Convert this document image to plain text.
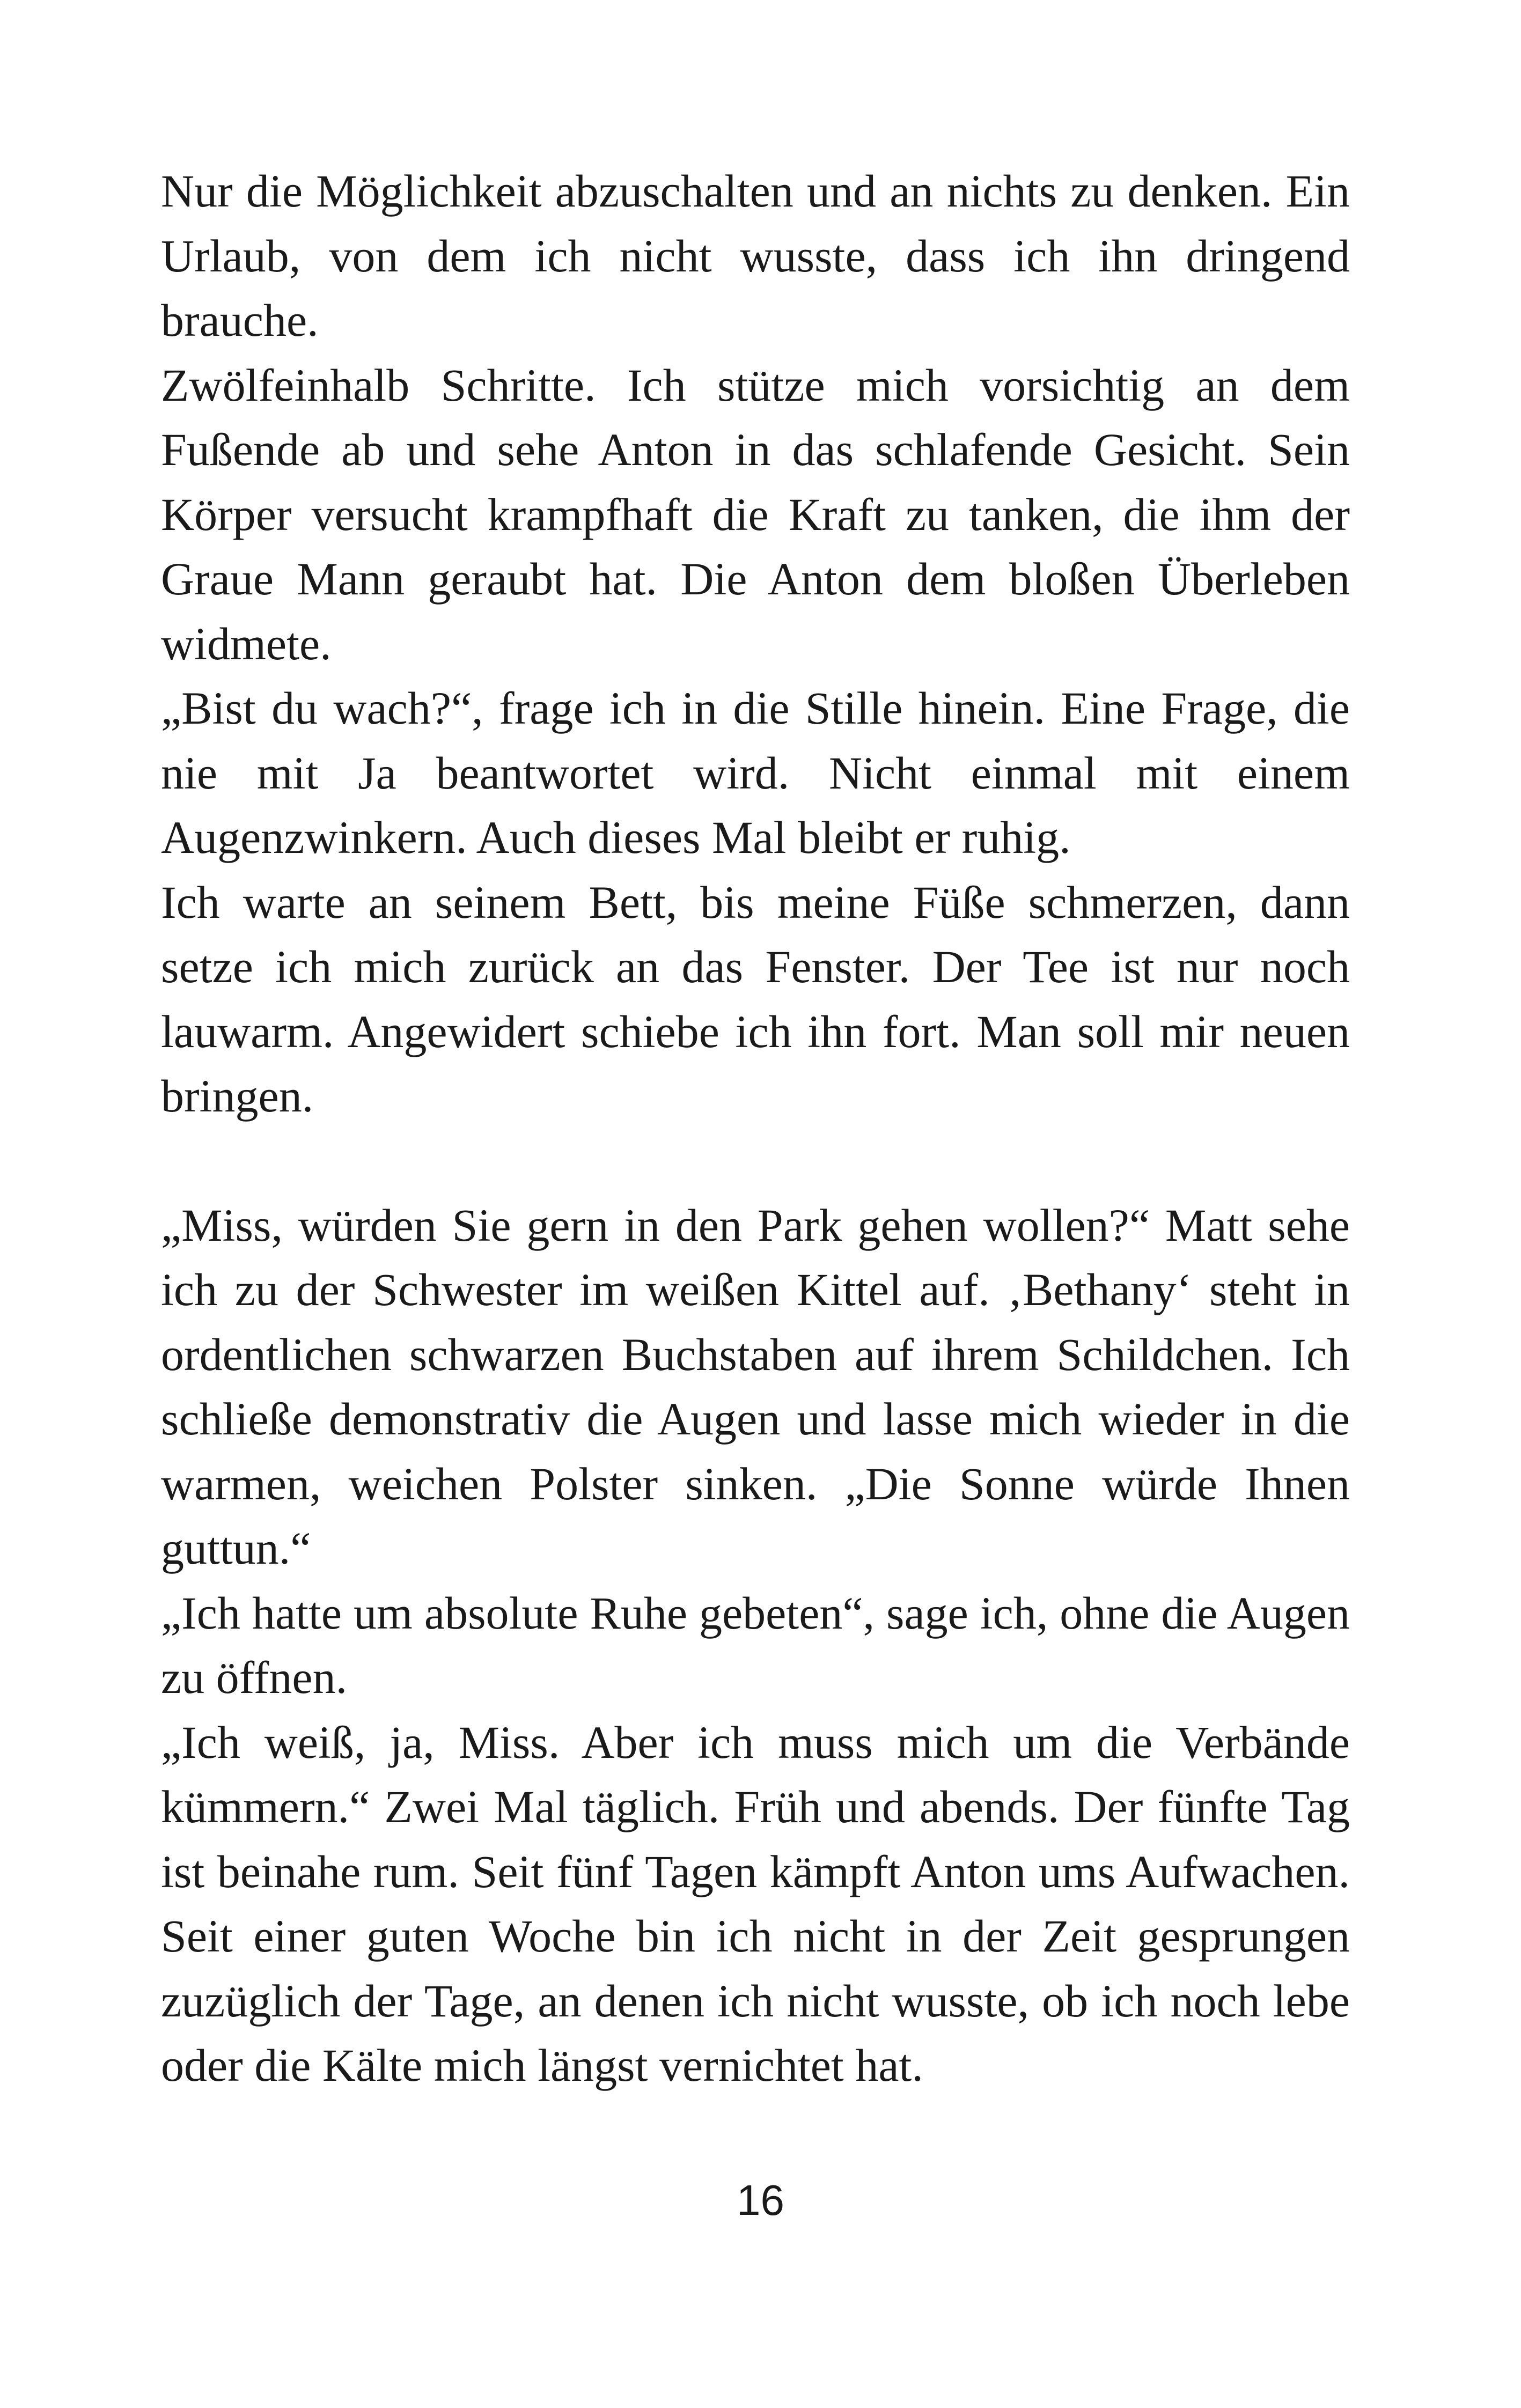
Nur die Möglichkeit abzuschalten und an nichts zu denken. Ein Urlaub, von dem ich nicht wusste, dass ich ihn dringend brauche.

Zwölfeinhalb Schritte. Ich stütze mich vorsichtig an dem Fußende ab und sehe Anton in das schlafende Gesicht. Sein Körper versucht krampfhaft die Kraft zu tanken, die ihm der Graue Mann geraubt hat. Die Anton dem bloßen Überleben widmete.

„Bist du wach?“, frage ich in die Stille hinein. Eine Frage, die nie mit Ja beantwortet wird. Nicht einmal mit einem Augenzwinkern. Auch dieses Mal bleibt er ruhig.

Ich warte an seinem Bett, bis meine Füße schmerzen, dann setze ich mich zurück an das Fenster. Der Tee ist nur noch lauwarm. Angewidert schiebe ich ihn fort. Man soll mir neuen bringen.

„Miss, würden Sie gern in den Park gehen wollen?“ Matt sehe ich zu der Schwester im weißen Kittel auf. ‚Bethany‘ steht in ordentlichen schwarzen Buchstaben auf ihrem Schildchen. Ich schließe demonstrativ die Augen und lasse mich wieder in die warmen, weichen Polster sinken. „Die Sonne würde Ihnen guttun.“

„Ich hatte um absolute Ruhe gebeten“, sage ich, ohne die Augen zu öffnen.

„Ich weiß, ja, Miss. Aber ich muss mich um die Verbände kümmern.“ Zwei Mal täglich. Früh und abends. Der fünfte Tag ist beinahe rum. Seit fünf Tagen kämpft Anton ums Aufwachen. Seit einer guten Woche bin ich nicht in der Zeit gesprungen zuzüglich der Tage, an denen ich nicht wusste, ob ich noch lebe oder die Kälte mich längst vernichtet hat.

16
